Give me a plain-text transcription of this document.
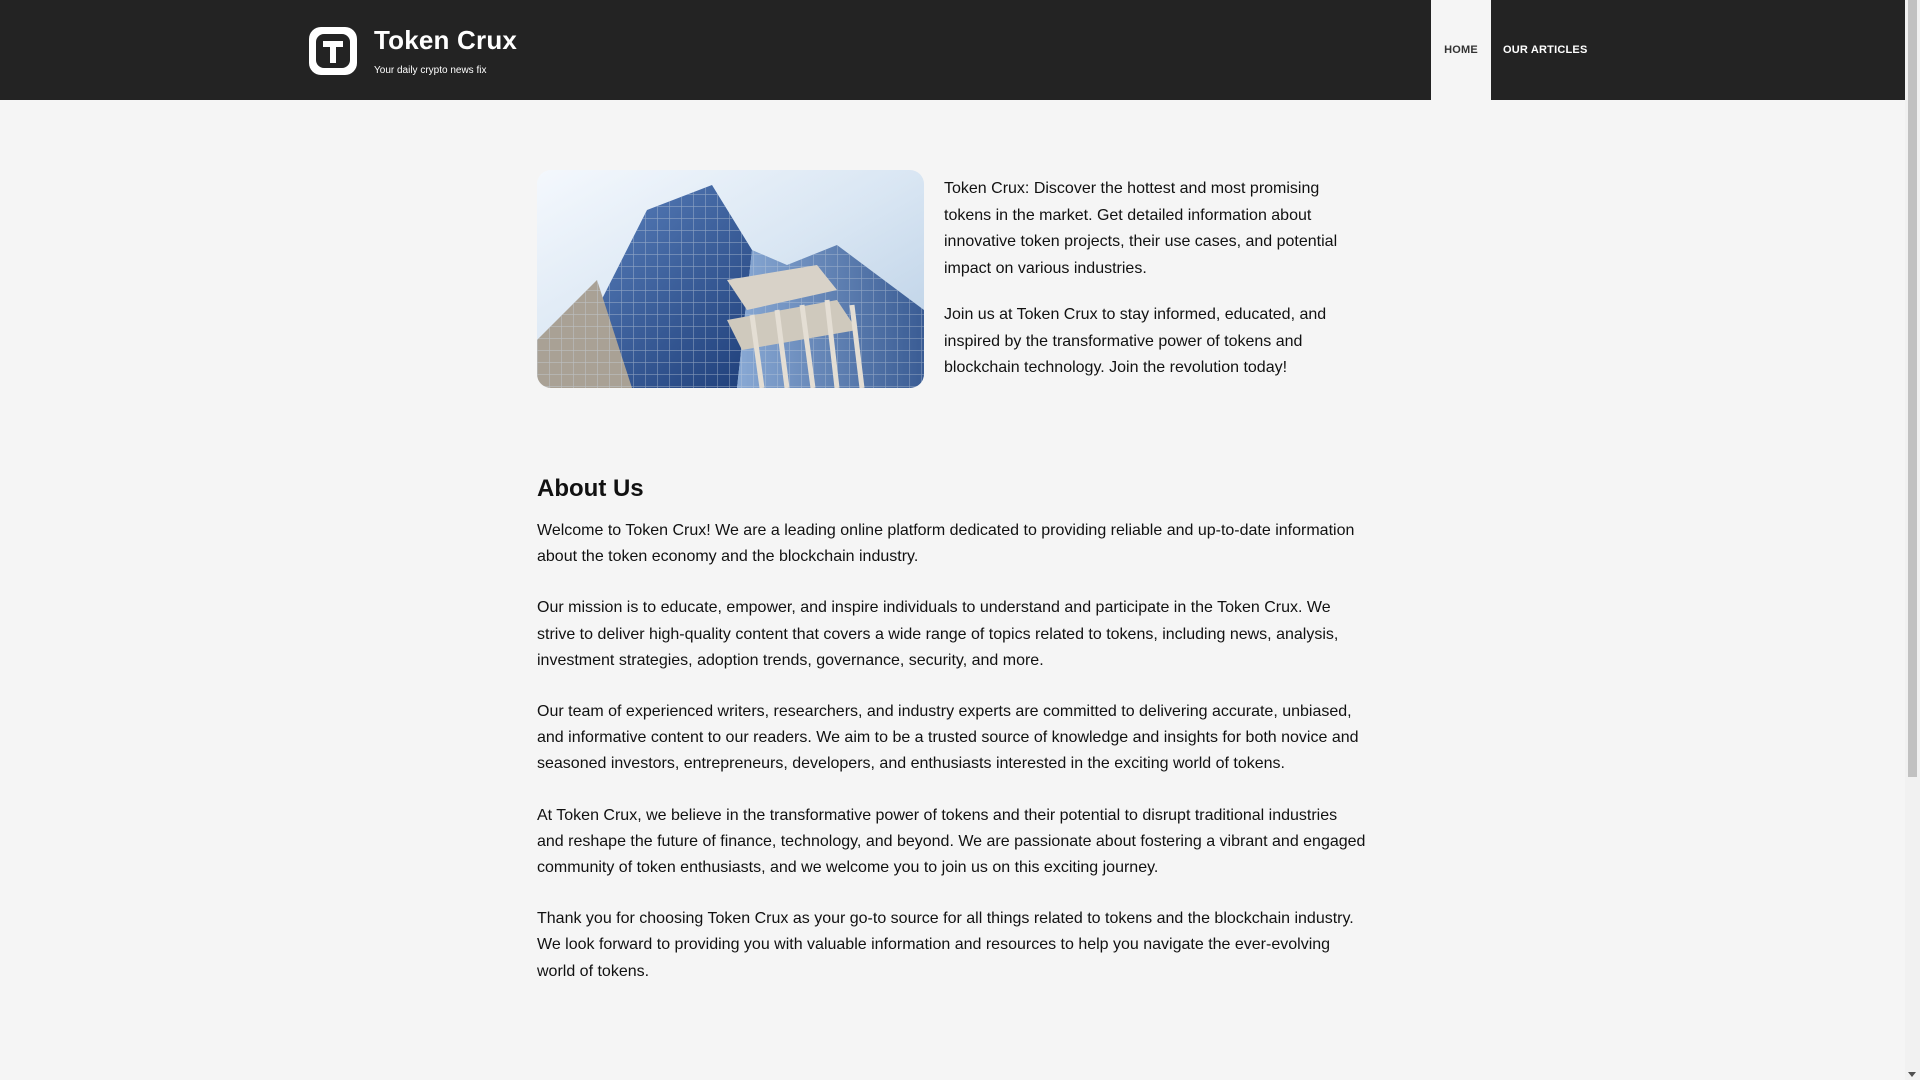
Token Crux
Your daily crypto news fix
HOME	OUR ARTICLES

Token Crux: Discover the hottest and most promising tokens in the market. Get detailed information about innovative token projects, their use cases, and potential impact on various industries.

Join us at Token Crux to stay informed, educated, and inspired by the transformative power of tokens and blockchain technology. Join the revolution today!

About Us

Welcome to Token Crux! We are a leading online platform dedicated to providing reliable and up-to-date information about the token economy and the blockchain industry.

Our mission is to educate, empower, and inspire individuals to understand and participate in the Token Crux. We strive to deliver high-quality content that covers a wide range of topics related to tokens, including news, analysis, investment strategies, adoption trends, governance, security, and more.

Our team of experienced writers, researchers, and industry experts are committed to delivering accurate, unbiased, and informative content to our readers. We aim to be a trusted source of knowledge and insights for both novice and seasoned investors, entrepreneurs, developers, and enthusiasts interested in the exciting world of tokens.

At Token Crux, we believe in the transformative power of tokens and their potential to disrupt traditional industries and reshape the future of finance, technology, and beyond. We are passionate about fostering a vibrant and engaged community of token enthusiasts, and we welcome you to join us on this exciting journey.

Thank you for choosing Token Crux as your go-to source for all things related to tokens and the blockchain industry. We look forward to providing you with valuable information and resources to help you navigate the ever-evolving world of tokens.
